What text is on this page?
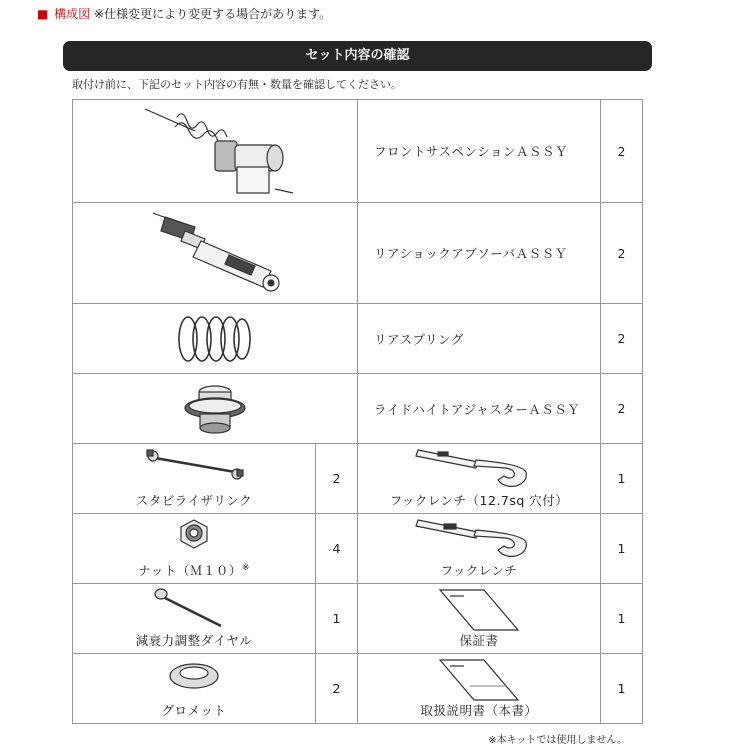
■ 構成図 ※仕様変更により変更する場合があります。
セット内容の確認
取付け前に、下記のセット内容の有無・数量を確認してください。
	フロントサスペンションＡＳＳＹ	2

	リアショックアブソーバＡＳＳＹ	2

	リアスプリング	2

	ライドハイトアジャスターＡＳＳＹ	2

スタビライザリンク	2	フックレンチ（12.7sq 穴付）	1

ナット（Ｍ１０）※	4	フックレンチ	1

減衰力調整ダイヤル	1	保証書	1

グロメット	2	取扱説明書（本書）	1
※本キットでは使用しません。
